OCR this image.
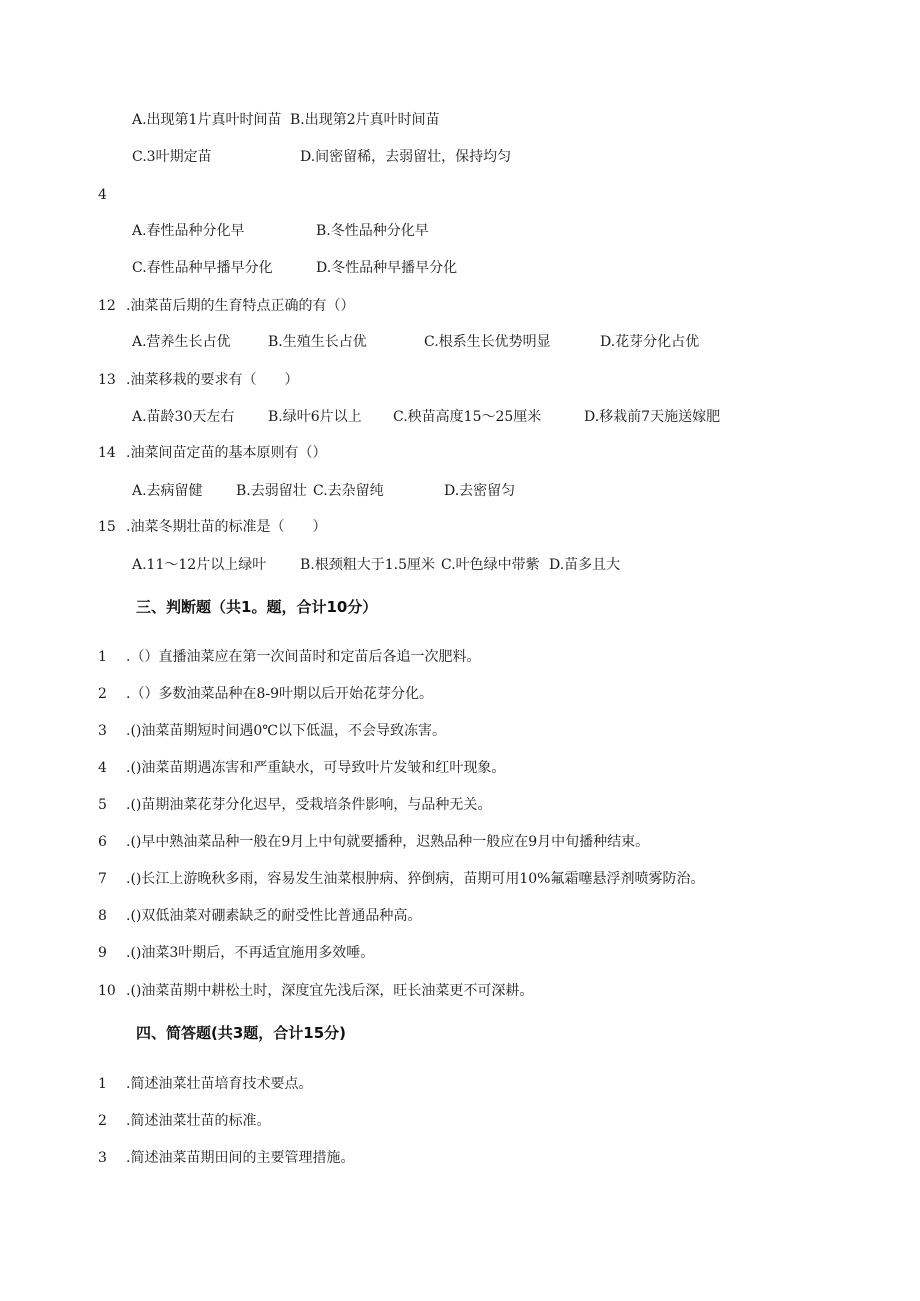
A.出现第1片真叶时间苗 B.出现第2片真叶时间苗
C.3叶期定苗	D.间密留稀，去弱留壮，保持均匀
4
A.春性品种分化早	B.冬性品种分化早
C.春性品种早播早分化	D.冬性品种早播早分化
12 .油菜苗后期的生育特点正确的有（）
A.营养生长占优	B.生殖生长占优	C.根系生长优势明显	D.花芽分化占优
13 .油菜移栽的要求有（　　）
A.苗龄30天左右 B.绿叶6片以上 C.秧苗高度15～25厘米	D.移栽前7天施送嫁肥
14 .油菜间苗定苗的基本原则有（）
A.去病留健 B.去弱留壮 C.去杂留纯	D.去密留匀
15 .油菜冬期壮苗的标准是（　　）
A.11～12片以上绿叶 B.根颈粗大于1.5厘米 C.叶色绿中带紫 D.苗多且大
三、判断题（共1。题，合计10分）
1 .（）直播油菜应在第一次间苗时和定苗后各追一次肥料。
2 .（）多数油菜品种在8-9叶期以后开始花芽分化。
3 .()油菜苗期短时间遇0℃以下低温，不会导致冻害。
4 .()油菜苗期遇冻害和严重缺水，可导致叶片发皱和红叶现象。
5 .()苗期油菜花芽分化迟早，受栽培条件影响，与品种无关。
6 .()早中熟油菜品种一般在9月上中旬就要播种，迟熟品种一般应在9月中旬播种结束。
7 .()长江上游晚秋多雨，容易发生油菜根肿病、猝倒病，苗期可用10%氟霜噻悬浮剂喷雾防治。
8 .()双低油菜对硼素缺乏的耐受性比普通品种高。
9 .()油菜3叶期后，不再适宜施用多效唾。
10 .()油菜苗期中耕松土时，深度宜先浅后深，旺长油菜更不可深耕。
四、简答题(共3题，合计15分)
1 .简述油菜壮苗培育技术要点。
2 .简述油菜壮苗的标准。
3 .简述油菜苗期田间的主要管理措施。
